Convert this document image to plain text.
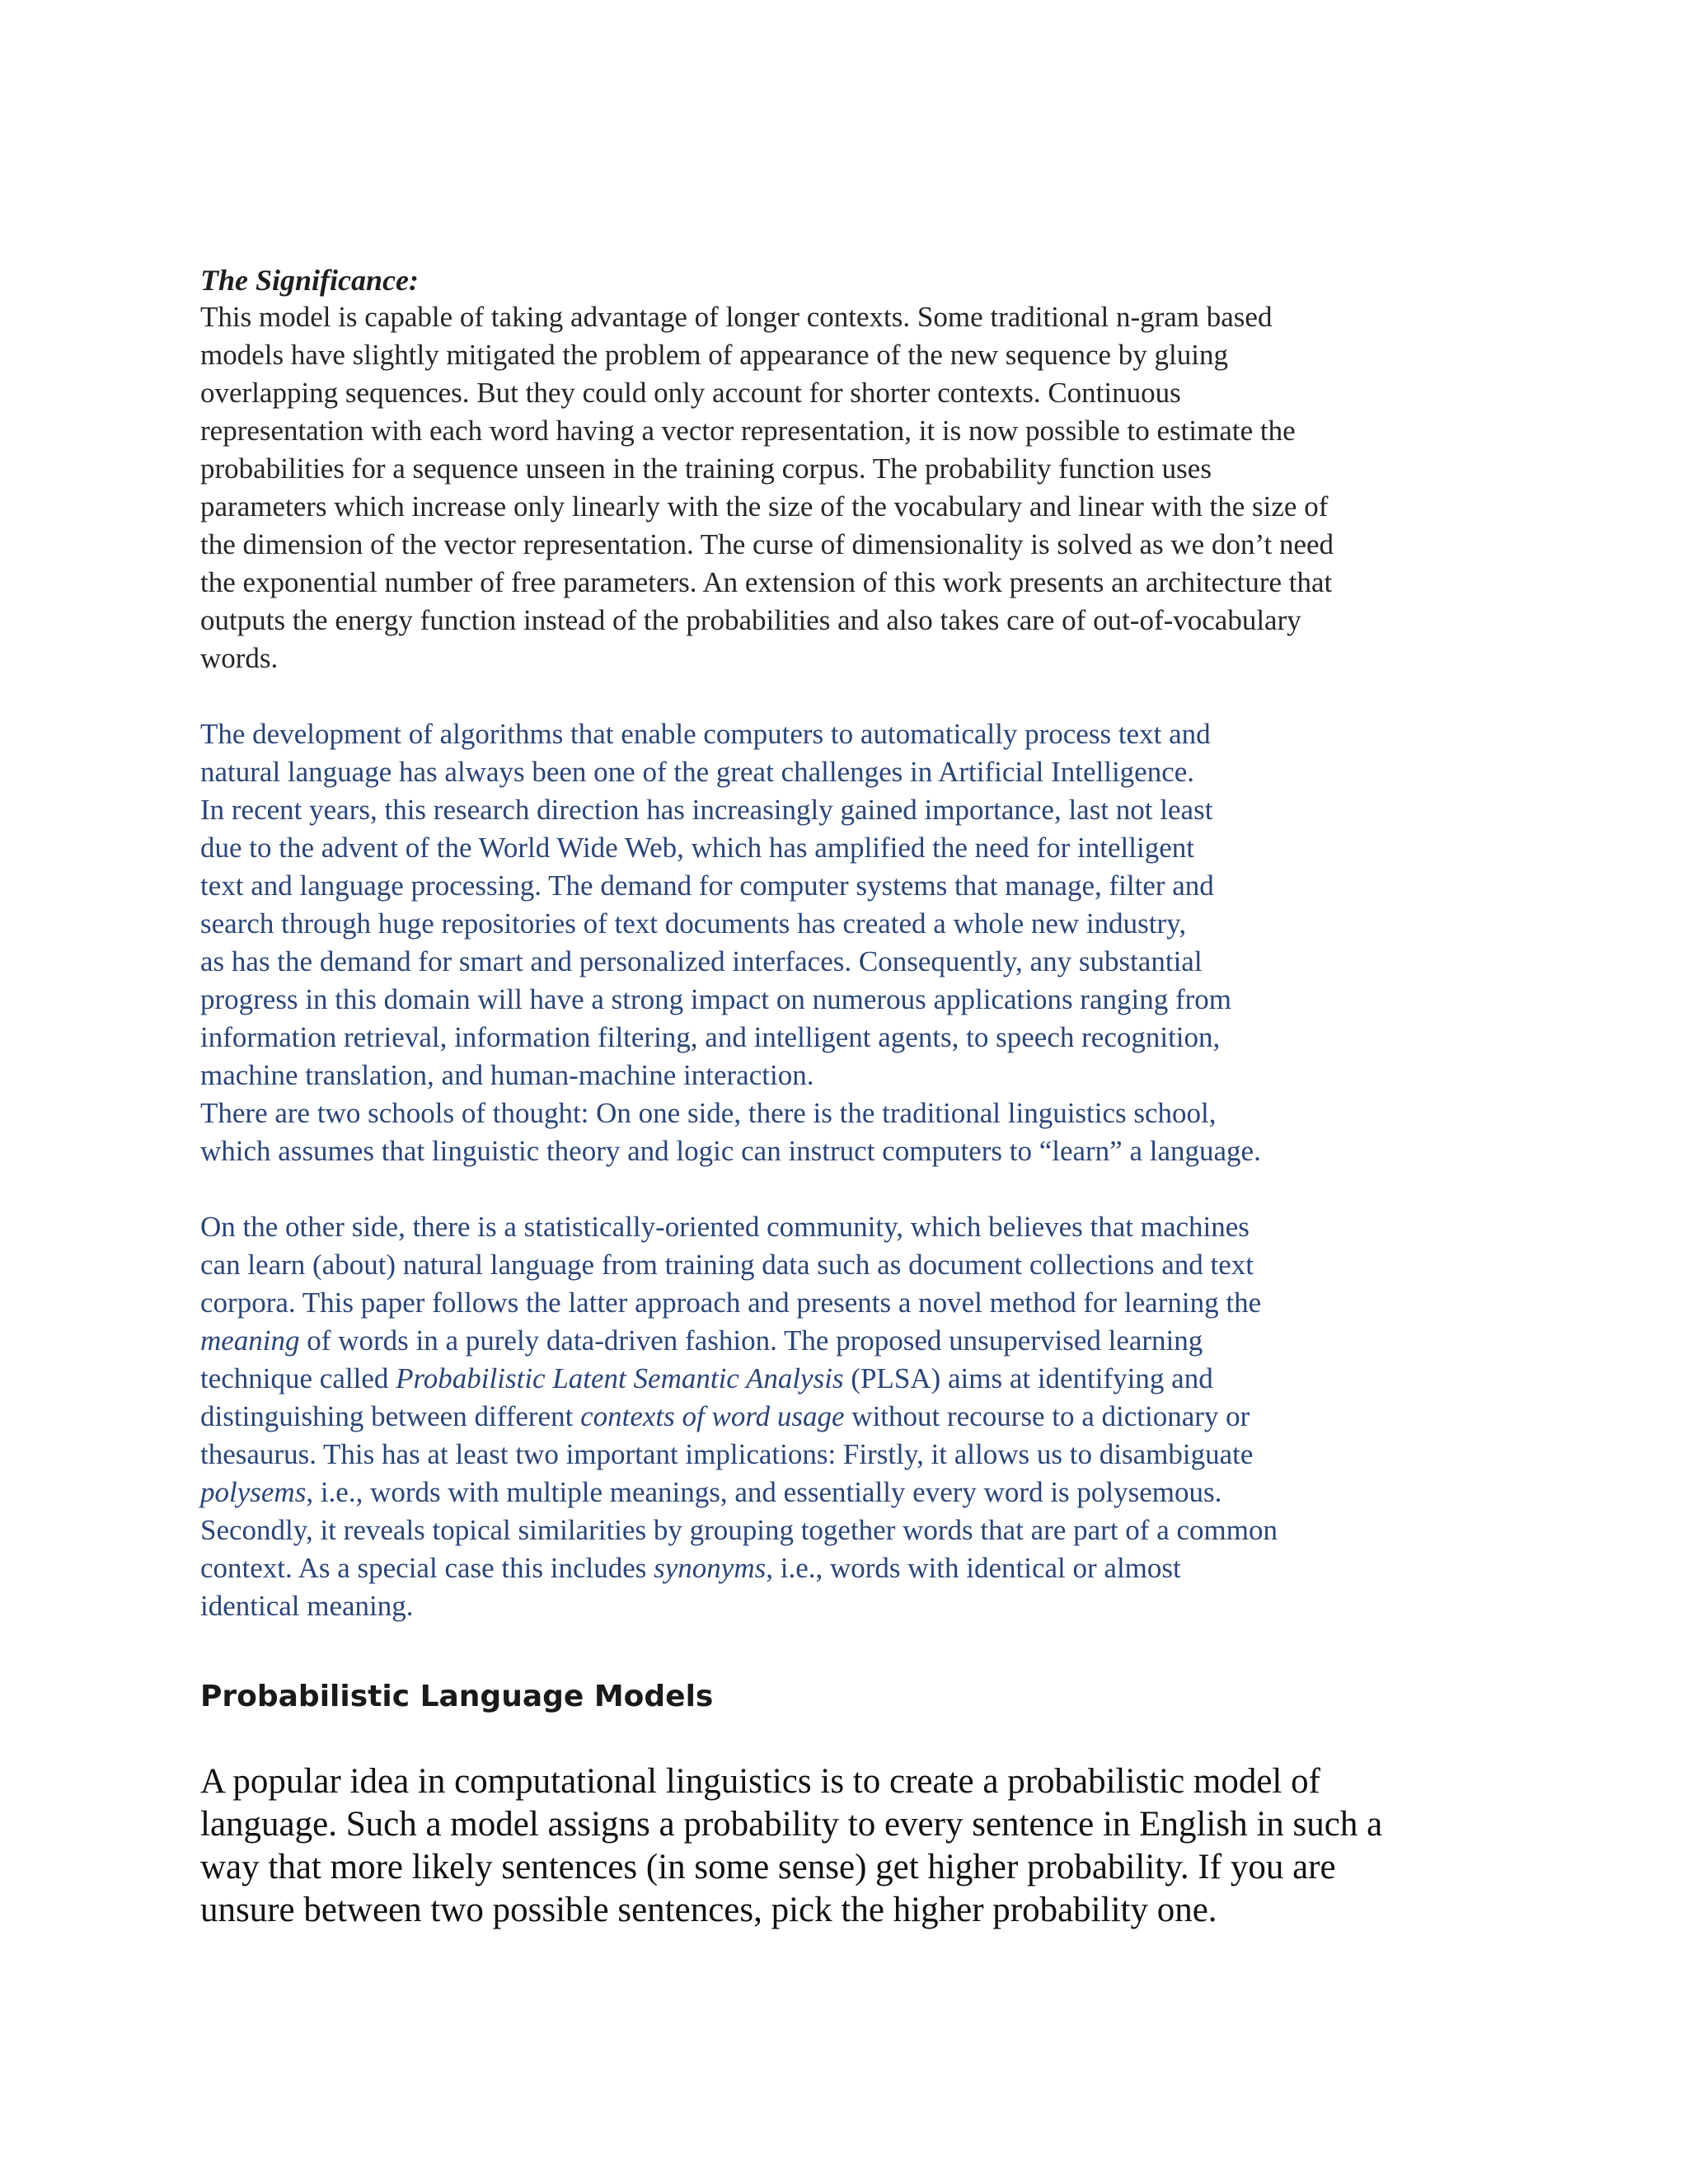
The Significance:

This model is capable of taking advantage of longer contexts. Some traditional n-gram based
models have slightly mitigated the problem of appearance of the new sequence by gluing
overlapping sequences. But they could only account for shorter contexts. Continuous
representation with each word having a vector representation, it is now possible to estimate the
probabilities for a sequence unseen in the training corpus. The probability function uses
parameters which increase only linearly with the size of the vocabulary and linear with the size of
the dimension of the vector representation. The curse of dimensionality is solved as we don’t need
the exponential number of free parameters. An extension of this work presents an architecture that
outputs the energy function instead of the probabilities and also takes care of out-of-vocabulary
words.
The development of algorithms that enable computers to automatically process text and
natural language has always been one of the great challenges in Artificial Intelligence.
In recent years, this research direction has increasingly gained importance, last not least
due to the advent of the World Wide Web, which has amplified the need for intelligent
text and language processing. The demand for computer systems that manage, filter and
search through huge repositories of text documents has created a whole new industry,
as has the demand for smart and personalized interfaces. Consequently, any substantial
progress in this domain will have a strong impact on numerous applications ranging from
information retrieval, information filtering, and intelligent agents, to speech recognition,
machine translation, and human-machine interaction.
There are two schools of thought: On one side, there is the traditional linguistics school,
which assumes that linguistic theory and logic can instruct computers to “learn” a language.
On the other side, there is a statistically-oriented community, which believes that machines
can learn (about) natural language from training data such as document collections and text
corpora. This paper follows the latter approach and presents a novel method for learning the
meaning of words in a purely data-driven fashion. The proposed unsupervised learning
technique called Probabilistic Latent Semantic Analysis (PLSA) aims at identifying and
distinguishing between different contexts of word usage without recourse to a dictionary or
thesaurus. This has at least two important implications: Firstly, it allows us to disambiguate
polysems, i.e., words with multiple meanings, and essentially every word is polysemous.
Secondly, it reveals topical similarities by grouping together words that are part of a common
context. As a special case this includes synonyms, i.e., words with identical or almost
identical meaning.

Probabilistic Language Models

A popular idea in computational linguistics is to create a probabilistic model of
language. Such a model assigns a probability to every sentence in English in such a
way that more likely sentences (in some sense) get higher probability. If you are
unsure between two possible sentences, pick the higher probability one.
